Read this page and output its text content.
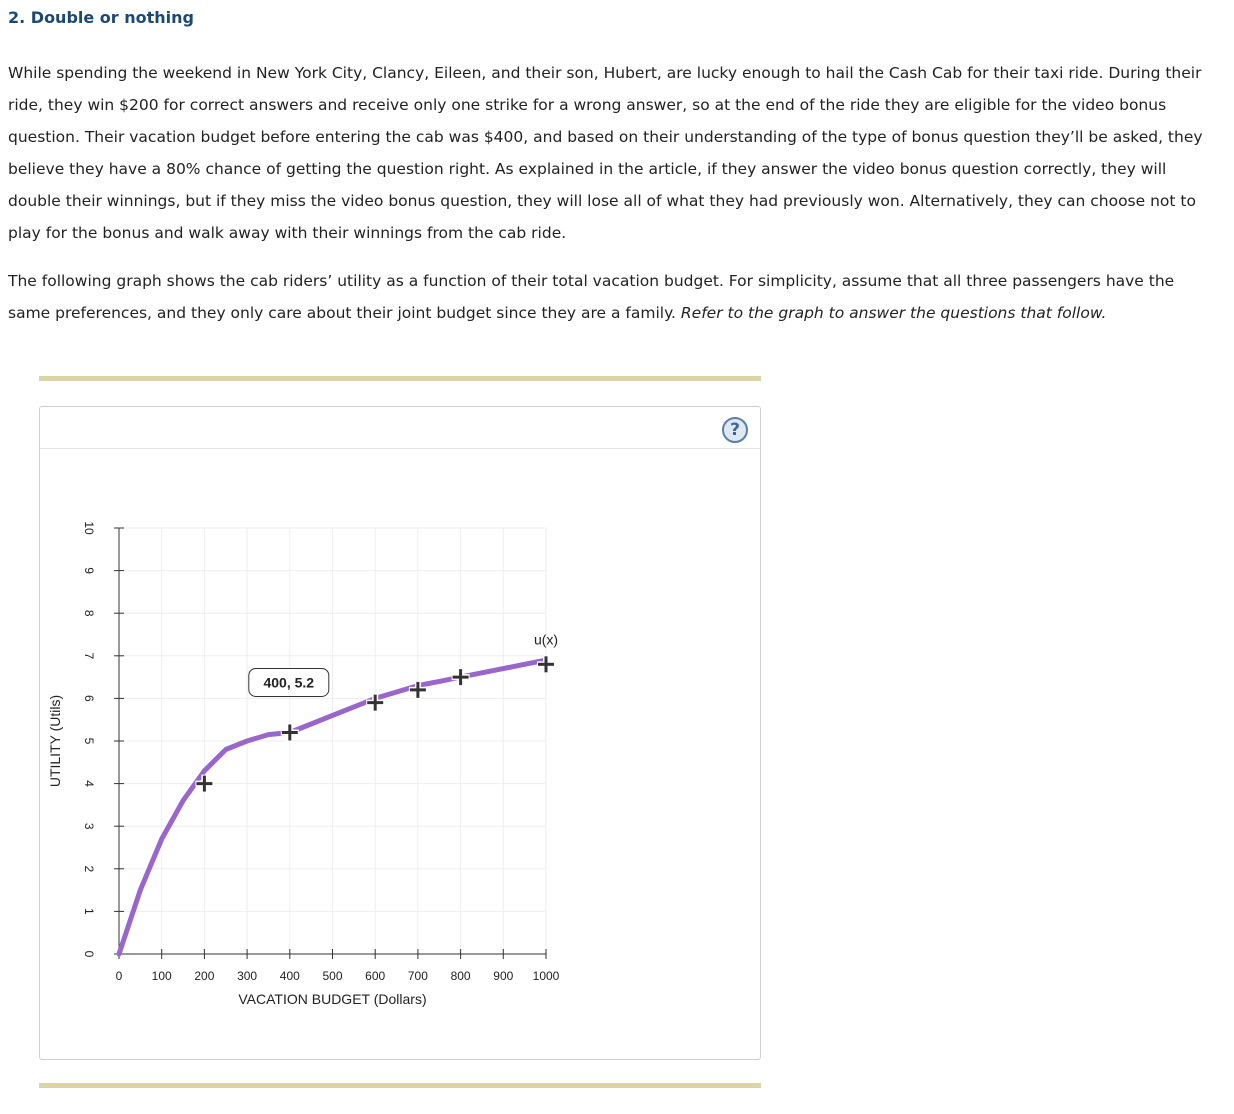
2. Double or nothing

While spending the weekend in New York City, Clancy, Eileen, and their son, Hubert, are lucky enough to hail the Cash Cab for their taxi ride. During their ride, they win $200 for correct answers and receive only one strike for a wrong answer, so at the end of the ride they are eligible for the video bonus question. Their vacation budget before entering the cab was $400, and based on their understanding of the type of bonus question they’ll be asked, they believe they have a 80% chance of getting the question right. As explained in the article, if they answer the video bonus question correctly, they will double their winnings, but if they miss the video bonus question, they will lose all of what they had previously won. Alternatively, they can choose not to play for the bonus and walk away with their winnings from the cab ride.

The following graph shows the cab riders’ utility as a function of their total vacation budget. For simplicity, assume that all three passengers have the same preferences, and they only care about their joint budget since they are a family. Refer to the graph to answer the questions that follow.

?
0
1
2
3
4
5
6
7
8
9
10
0 100 200 300 400 500 600 700 800 900 1000
VACATION BUDGET (Dollars)
UTILITY (Utils)
400, 5.2
u(x)
